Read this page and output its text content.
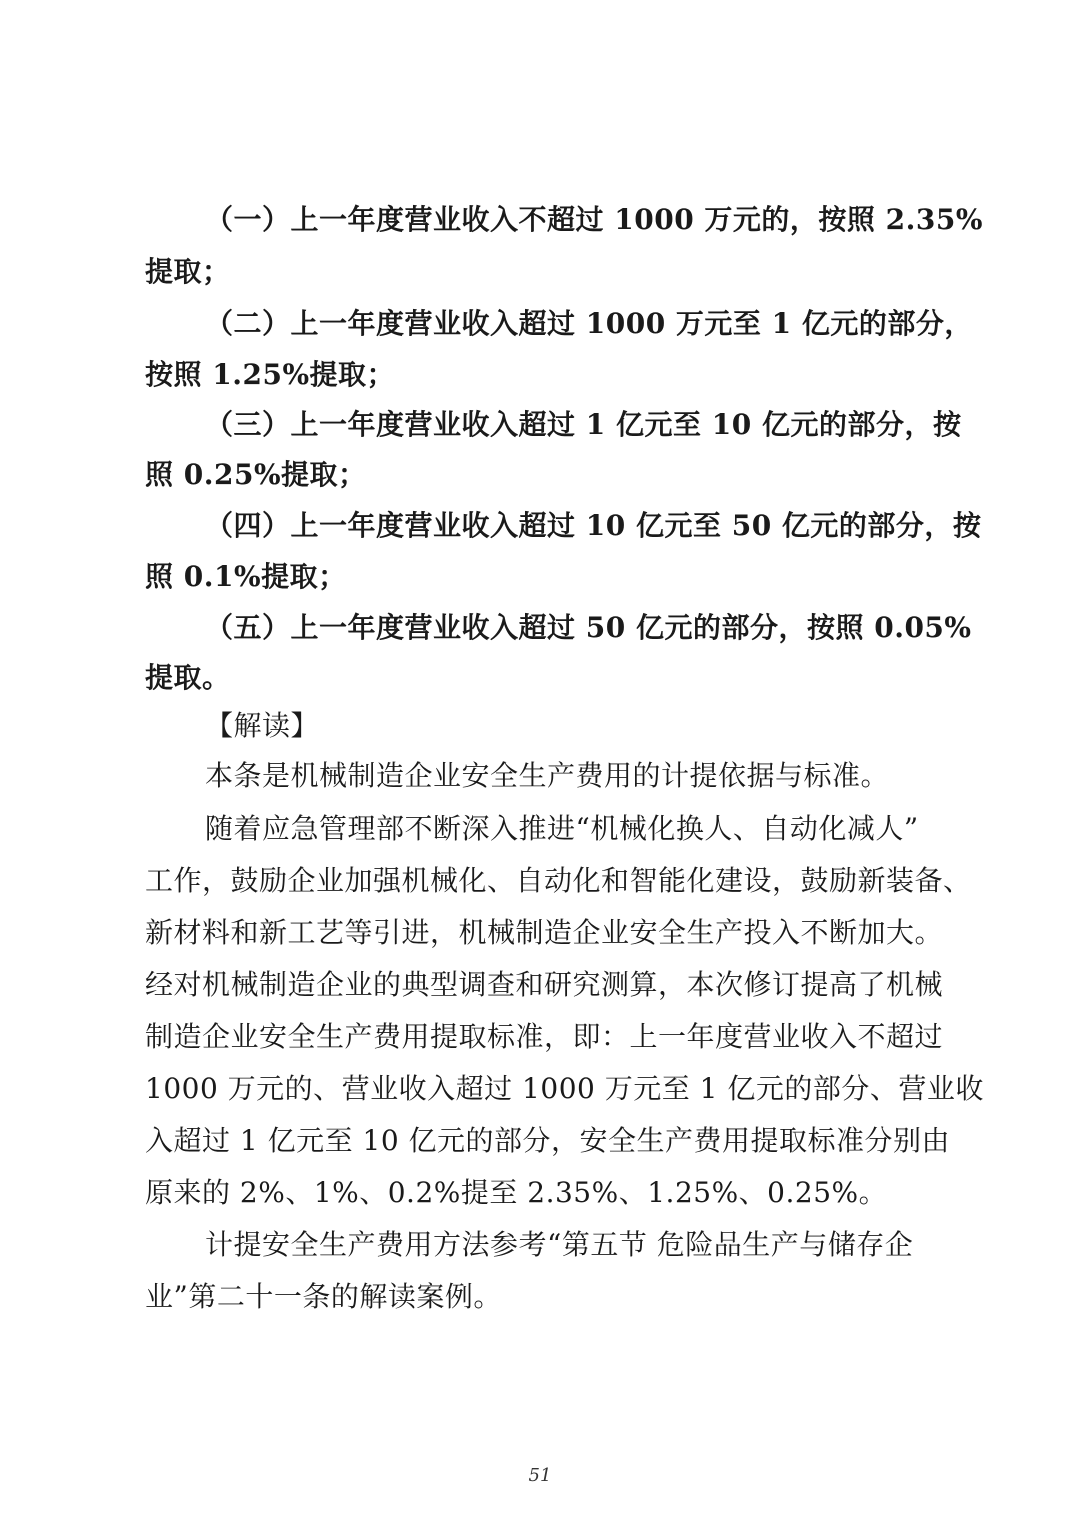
（一）上一年度营业收入不超过 1000 万元的，按照 2.35%
提取；
（二）上一年度营业收入超过 1000 万元至 1 亿元的部分，
按照 1.25%提取；
（三）上一年度营业收入超过 1 亿元至 10 亿元的部分，按
照 0.25%提取；
（四）上一年度营业收入超过 10 亿元至 50 亿元的部分，按
照 0.1%提取；
（五）上一年度营业收入超过 50 亿元的部分，按照 0.05%
提取。
【解读】
本条是机械制造企业安全生产费用的计提依据与标准。
随着应急管理部不断深入推进“机械化换人、自动化减人”
工作，鼓励企业加强机械化、自动化和智能化建设，鼓励新装备、
新材料和新工艺等引进，机械制造企业安全生产投入不断加大。
经对机械制造企业的典型调查和研究测算，本次修订提高了机械
制造企业安全生产费用提取标准，即：上一年度营业收入不超过
1000 万元的、营业收入超过 1000 万元至 1 亿元的部分、营业收
入超过 1 亿元至 10 亿元的部分，安全生产费用提取标准分别由
原来的 2%、1%、0.2%提至 2.35%、1.25%、0.25%。
计提安全生产费用方法参考“第五节 危险品生产与储存企
业”第二十一条的解读案例。
51
